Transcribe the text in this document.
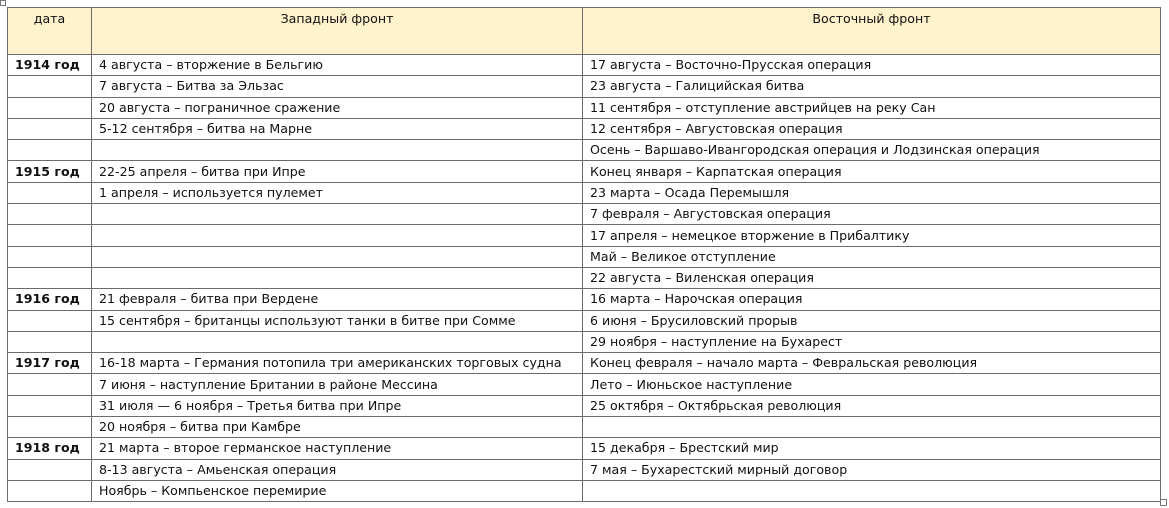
дата	Западный фронт	Восточный фронт
1914 год	4 августа – вторжение в Бельгию	17 августа – Восточно-Прусская операция
	7 августа – Битва за Эльзас	23 августа – Галицийская битва
	20 августа – пограничное сражение	11 сентября – отступление австрийцев на реку Сан
	5-12 сентября – битва на Марне	12 сентября – Августовская операция
		Осень – Варшаво-Ивангородская операция и Лодзинская операция
1915 год	22-25 апреля – битва при Ипре	Конец января – Карпатская операция
	1 апреля – используется пулемет	23 марта – Осада Перемышля
		7 февраля – Августовская операция
		17 апреля – немецкое вторжение в Прибалтику
		Май – Великое отступление
		22 августа – Виленская операция
1916 год	21 февраля – битва при Вердене	16 марта – Нарочская операция
	15 сентября – британцы используют танки в битве при Сомме	6 июня – Брусиловский прорыв
		29 ноября – наступление на Бухарест
1917 год	16-18 марта – Германия потопила три американских торговых судна	Конец февраля – начало марта – Февральская революция
	7 июня – наступление Британии в районе Мессина	Лето – Июньское наступление
	31 июля — 6 ноября – Третья битва при Ипре	25 октября – Октябрьская революция
	20 ноября – битва при Камбре	
1918 год	21 марта – второе германское наступление	15 декабря – Брестский мир
	8-13 августа – Амьенская операция	7 мая – Бухарестский мирный договор
	Ноябрь – Компьенское перемирие	
